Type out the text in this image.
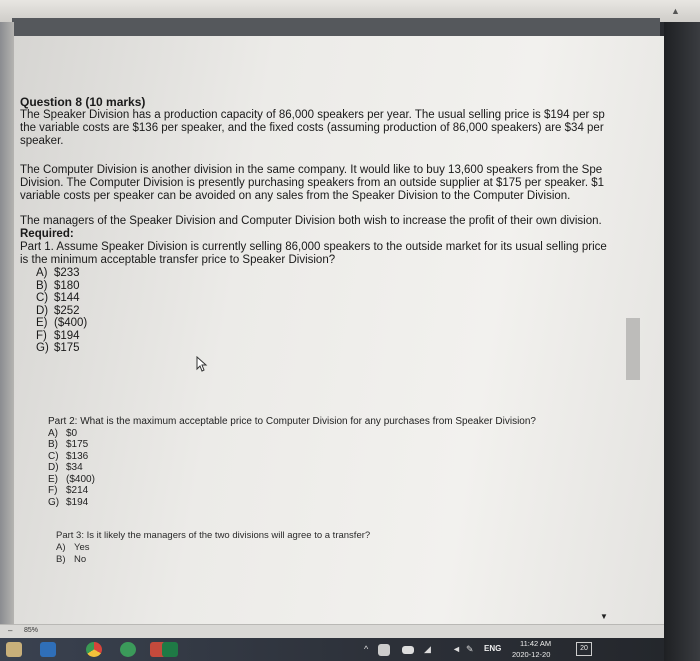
▲
▼

Question 8 (10 marks)

The Speaker Division has a production capacity of 86,000 speakers per year. The usual selling price is $194 per sp

the variable costs are $136 per speaker, and the fixed costs (assuming production of 86,000 speakers) are $34 per

speaker.

The Computer Division is another division in the same company. It would like to buy 13,600 speakers from the Spe

Division. The Computer Division is presently purchasing speakers from an outside supplier at $175 per speaker. $1

variable costs per speaker can be avoided on any sales from the Speaker Division to the Computer Division.

The managers of the Speaker Division and Computer Division both wish to increase the profit of their own division.

Required:

Part 1. Assume Speaker Division is currently selling 86,000 speakers to the outside market for its usual selling price

is the minimum acceptable transfer price to Speaker Division?

A) $233
B) $180
C) $144
D) $252
E) ($400)
F) $194
G) $175

Part 2: What is the maximum acceptable price to Computer Division for any purchases from Speaker Division?

A) $0
B) $175
C) $136
D) $34
E) ($400)
F) $214
G) $194

Part 3: Is it likely the managers of the two divisions will agree to a transfer?

A) Yes
B) No
– 85%
^	◢ ◄ ✎ ENG
11:42 AM
2020-12-20
20
